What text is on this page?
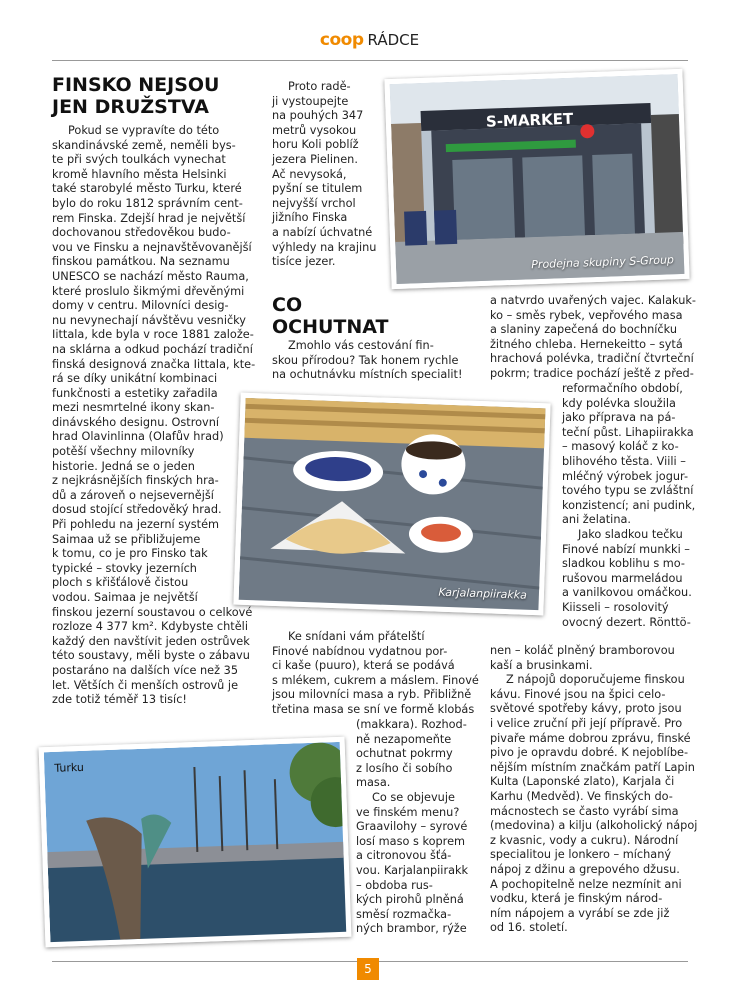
coop RÁDCE
FINSKO NEJSOU
JEN DRUŽSTVA
Pokud se vypravíte do této
skandinávské země, neměli bys-
te při svých toulkách vynechat
kromě hlavního města Helsinki
také starobylé město Turku, které
bylo do roku 1812 správním cent-
rem Finska. Zdejší hrad je největší
dochovanou středověkou budo-
vou ve Finsku a nejnavštěvovanější
finskou památkou. Na seznamu
UNESCO se nachází město Rauma,
které proslulo šikmými dřevěnými
domy v centru. Milovníci desig-
nu nevynechají návštěvu vesničky
Iittala, kde byla v roce 1881 založe-
na sklárna a odkud pochází tradiční
finská designová značka Iittala, kte-
rá se díky unikátní kombinaci
funkčnosti a estetiky zařadila
mezi nesmrtelné ikony skan-
dinávského designu. Ostrovní
hrad Olavinlinna (Olafův hrad)
potěší všechny milovníky
historie. Jedná se o jeden
z nejkrásnějších finských hra-
dů a zároveň o nejsevernější
dosud stojící středověký hrad.
Při pohledu na jezerní systém
Saimaa už se přibližujeme
k tomu, co je pro Finsko tak
typické – stovky jezerních
ploch s křišťálově čistou
vodou. Saimaa je největší
finskou jezerní soustavou o celkové
rozloze 4 377 km². Kdybyste chtěli
každý den navštívit jeden ostrůvek
této soustavy, měli byste o zábavu
postaráno na dalších více než 35
let. Větších či menších ostrovů je
zde totiž téměř 13 tisíc!
Proto radě-
ji vystoupejte
na pouhých 347
metrů vysokou
horu Koli poblíž
jezera Pielinen.
Ač nevysoká,
pyšní se titulem
nejvyšší vrchol
jižního Finska
a nabízí úchvatné
výhledy na krajinu
tisíce jezer.
S-MARKET
Prodejna skupiny S-Group
CO
OCHUTNAT
Zmohlo vás cestování fin-
skou přírodou? Tak honem rychle
na ochutnávku místních specialit!
a natvrdo uvařených vajec. Kalakuk-
ko – směs rybek, vepřového masa
a slaniny zapečená do bochníčku
žitného chleba. Hernekeitto – sytá
hrachová polévka, tradiční čtvrteční
pokrm; tradice pochází ještě z před-
Karjalanpiirakka
reformačního období,
kdy polévka sloužila
jako příprava na pá-
teční půst. Lihapiirakka
– masový koláč z ko-
blihového těsta. Viili –
mléčný výrobek jogur-
tového typu se zvláštní
konzistencí; ani pudink,
ani želatina.
Jako sladkou tečku
Finové nabízí munkki –
sladkou koblihu s mo-
rušovou marmeládou
a vanilkovou omáčkou.
Kiisseli – rosolovitý
ovocný dezert. Rönttö-
nen – koláč plněný bramborovou
kaší a brusinkami.
Z nápojů doporučujeme finskou
kávu. Finové jsou na špici celo-
světové spotřeby kávy, proto jsou
i velice zruční při její přípravě. Pro
pivaře máme dobrou zprávu, finské
pivo je opravdu dobré. K nejoblíbe-
nějším místním značkám patří Lapin
Kulta (Laponské zlato), Karjala či
Karhu (Medvěd). Ve finských do-
mácnostech se často vyrábí sima
(medovina) a kilju (alkoholický nápoj
z kvasnic, vody a cukru). Národní
specialitou je lonkero – míchaný
nápoj z džinu a grepového džusu.
A pochopitelně nelze nezmínit ani
vodku, která je finským národ-
ním nápojem a vyrábí se zde již
od 16. století.
Ke snídani vám přátelští
Finové nabídnou vydatnou por-
ci kaše (puuro), která se podává
s mlékem, cukrem a máslem. Finové
jsou milovníci masa a ryb. Přibližně
třetina masa se sní ve formě klobás
(makkara). Rozhod-
ně nezapomeňte
ochutnat pokrmy
z losího či sobího
masa.
Co se objevuje
ve finském menu?
Graavilohy – syrové
losí maso s koprem
a citronovou šťá-
vou. Karjalanpiirakk
– obdoba rus-
kých pirohů plněná
směsí rozmačka-
ných brambor, rýže
Turku
5
